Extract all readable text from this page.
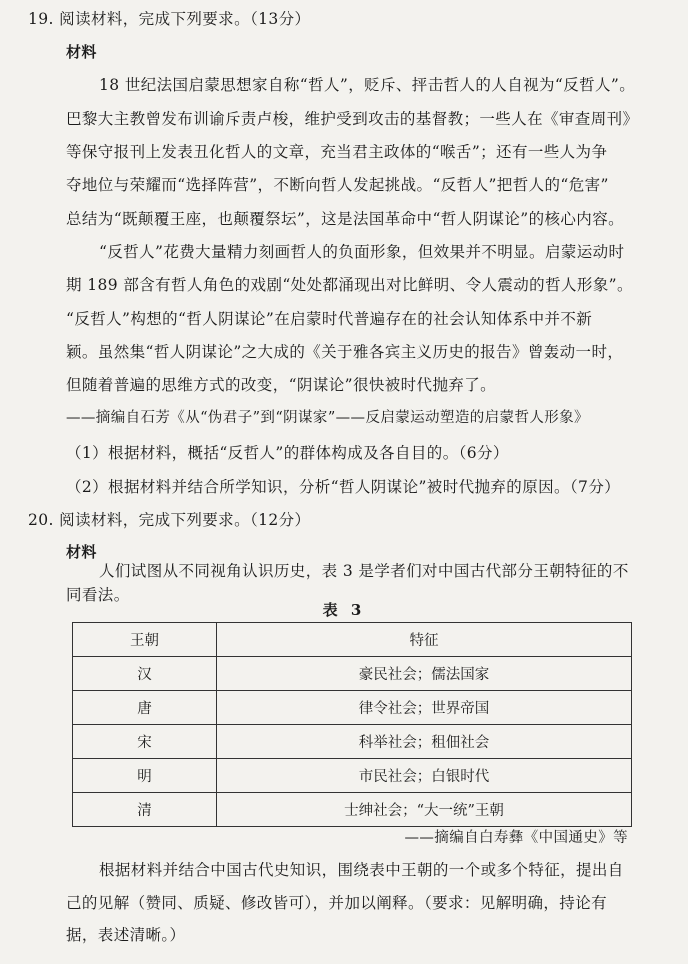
19. 阅读材料，完成下列要求。（13分）
材料
18 世纪法国启蒙思想家自称“哲人”，贬斥、抨击哲人的人自视为“反哲人”。
巴黎大主教曾发布训谕斥责卢梭，维护受到攻击的基督教；一些人在《审查周刊》
等保守报刊上发表丑化哲人的文章，充当君主政体的“喉舌”；还有一些人为争
夺地位与荣耀而“选择阵营”，不断向哲人发起挑战。“反哲人”把哲人的“危害”
总结为“既颠覆王座，也颠覆祭坛”，这是法国革命中“哲人阴谋论”的核心内容。
“反哲人”花费大量精力刻画哲人的负面形象，但效果并不明显。启蒙运动时
期 189 部含有哲人角色的戏剧“处处都涌现出对比鲜明、令人震动的哲人形象”。
“反哲人”构想的“哲人阴谋论”在启蒙时代普遍存在的社会认知体系中并不新
颖。虽然集“哲人阴谋论”之大成的《关于雅各宾主义历史的报告》曾轰动一时，
但随着普遍的思维方式的改变，“阴谋论”很快被时代抛弃了。
——摘编自石芳《从“伪君子”到“阴谋家”——反启蒙运动塑造的启蒙哲人形象》
（1）根据材料，概括“反哲人”的群体构成及各自目的。（6分）
（2）根据材料并结合所学知识，分析“哲人阴谋论”被时代抛弃的原因。（7分）
20. 阅读材料，完成下列要求。（12分）
材料
人们试图从不同视角认识历史，表 3 是学者们对中国古代部分王朝特征的不
同看法。
表 3
王朝	特征
汉	豪民社会；儒法国家
唐	律令社会；世界帝国
宋	科举社会；租佃社会
明	市民社会；白银时代
清	士绅社会；“大一统”王朝
——摘编自白寿彝《中国通史》等
根据材料并结合中国古代史知识，围绕表中王朝的一个或多个特征，提出自
己的见解（赞同、质疑、修改皆可），并加以阐释。（要求：见解明确，持论有
据，表述清晰。）
